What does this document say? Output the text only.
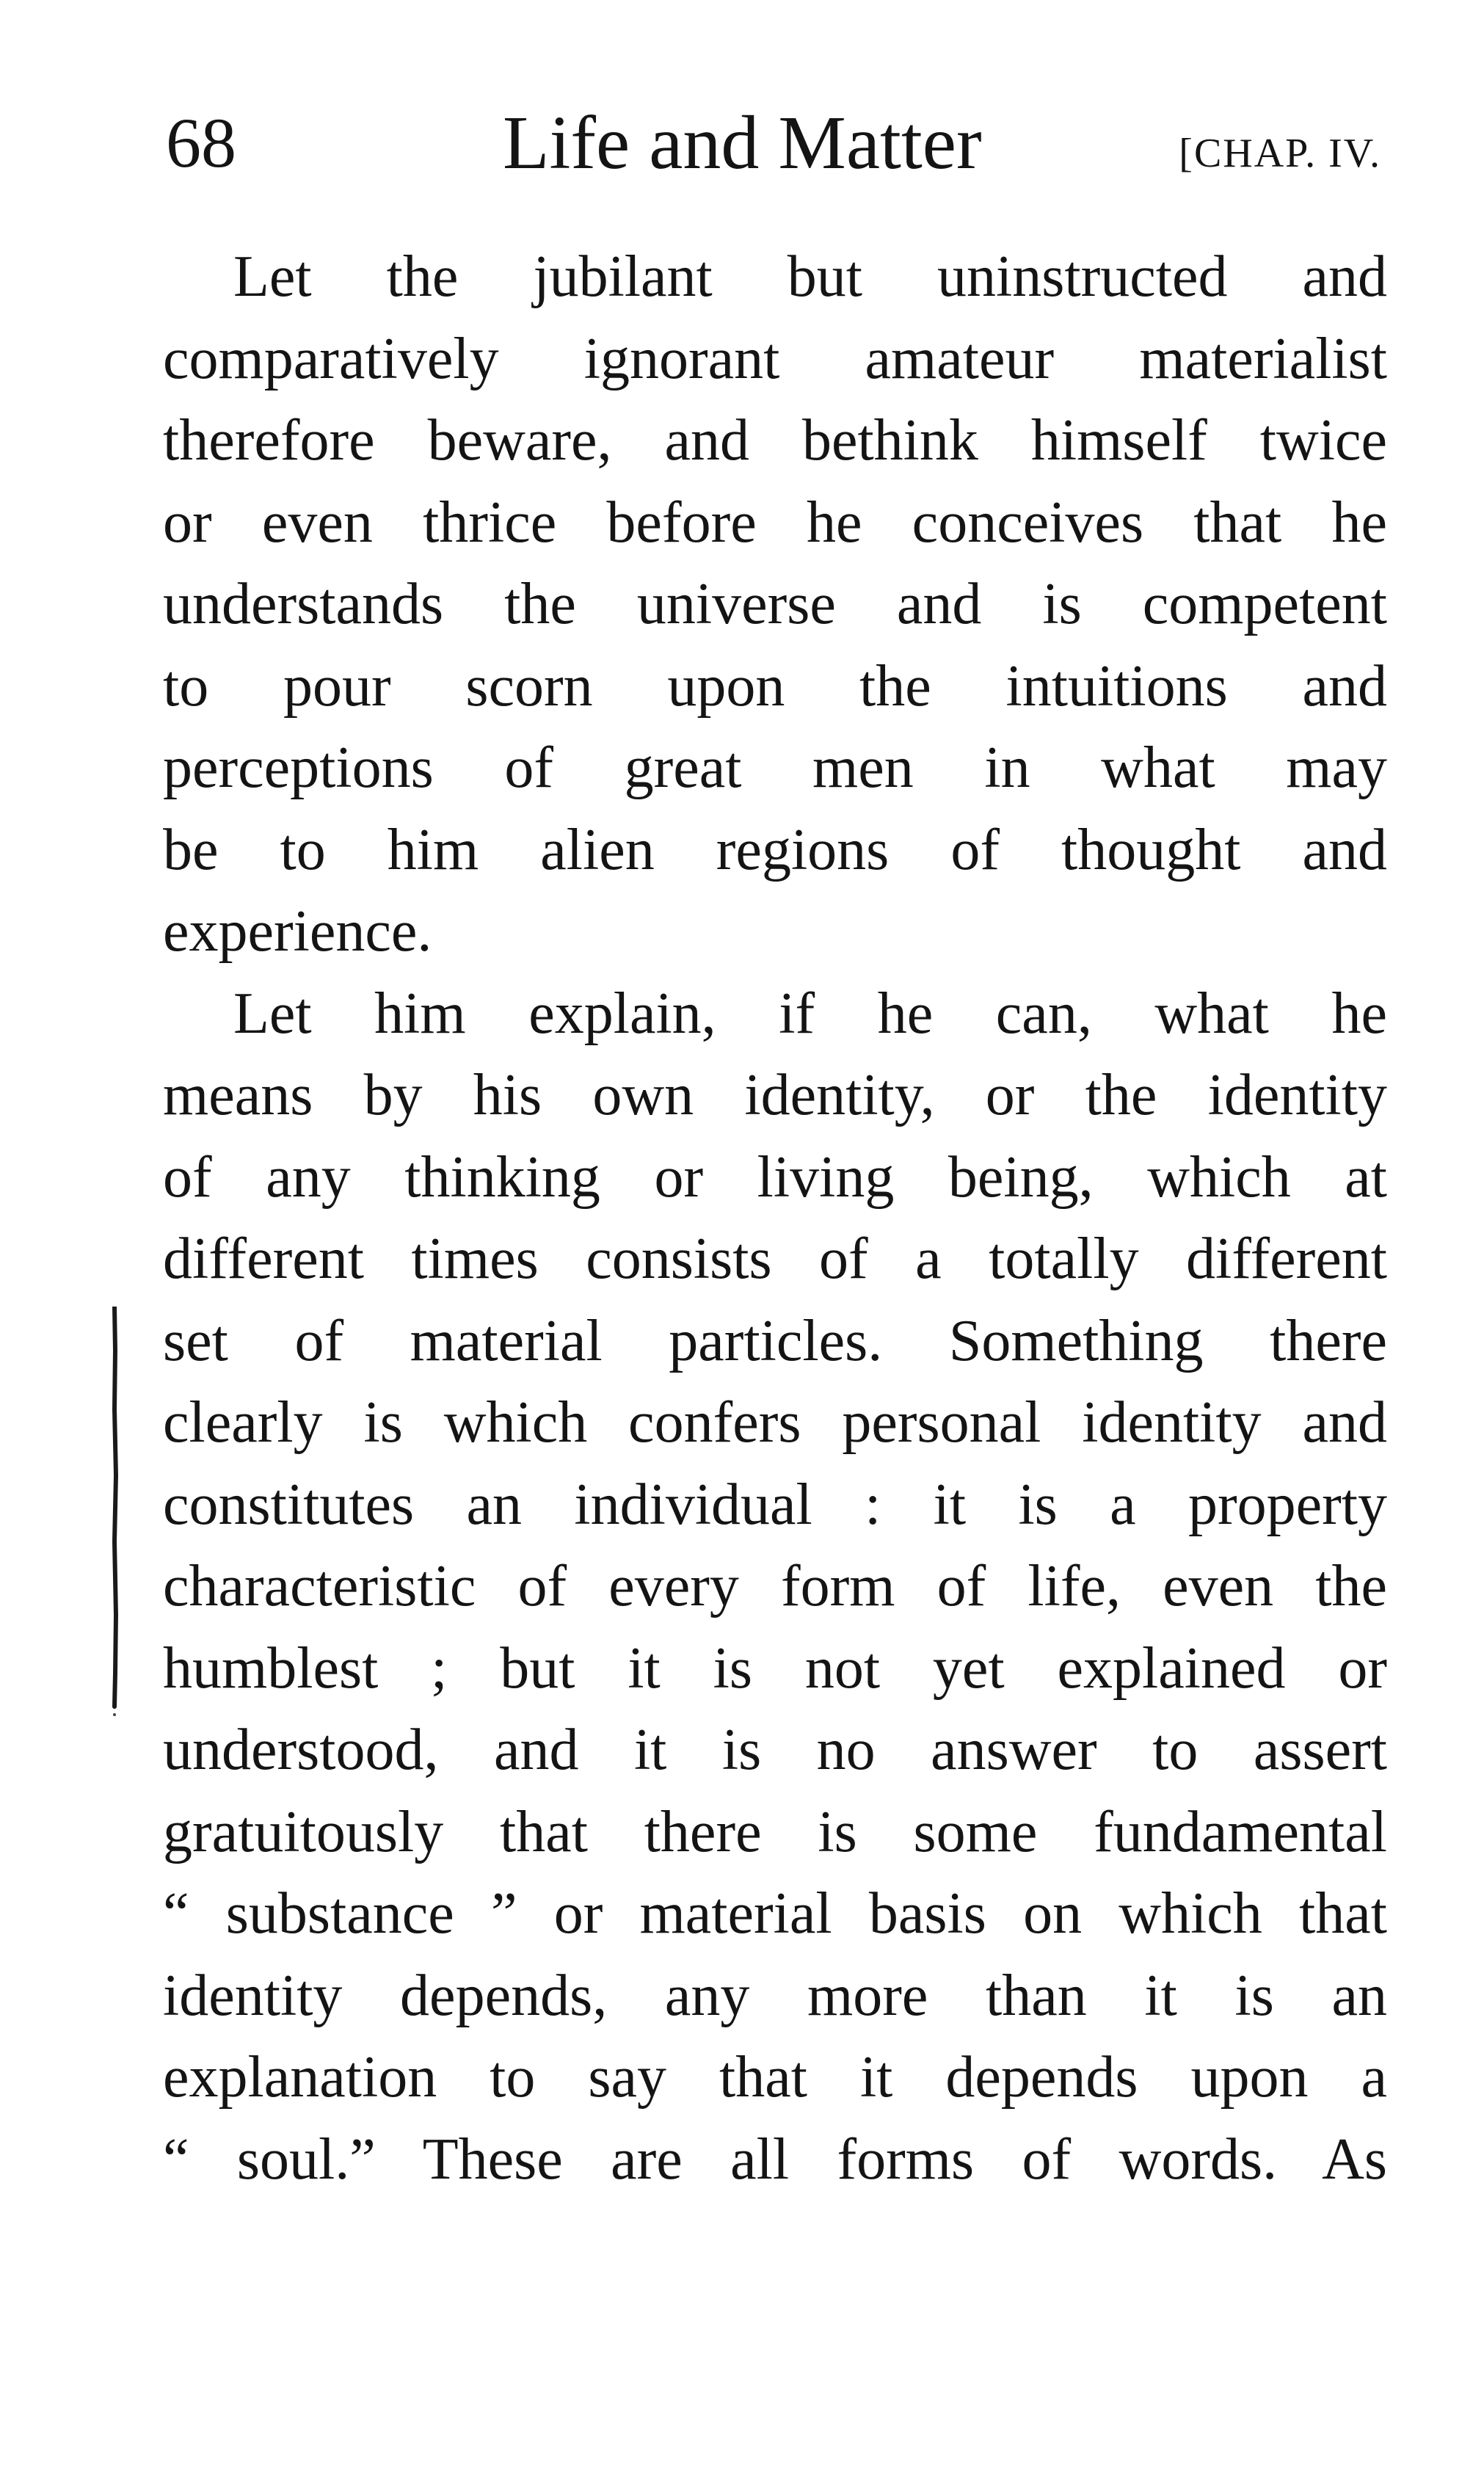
68	Life and Matter	[CHAP. IV.
Let the jubilant but uninstructed and
comparatively ignorant amateur materialist
therefore beware, and bethink himself twice
or even thrice before he conceives that he
understands the universe and is competent
to pour scorn upon the intuitions and
perceptions of great men in what may
be to him alien regions of thought and
experience.
Let him explain, if he can, what he
means by his own identity, or the identity
of any thinking or living being, which at
different times consists of a totally different
set of material particles. Something there
clearly is which confers personal identity and
constitutes an individual : it is a property
characteristic of every form of life, even the
humblest ; but it is not yet explained or
understood, and it is no answer to assert
gratuitously that there is some fundamental
“ substance ” or material basis on which that
identity depends, any more than it is an
explanation to say that it depends upon a
“ soul.” These are all forms of words. As
